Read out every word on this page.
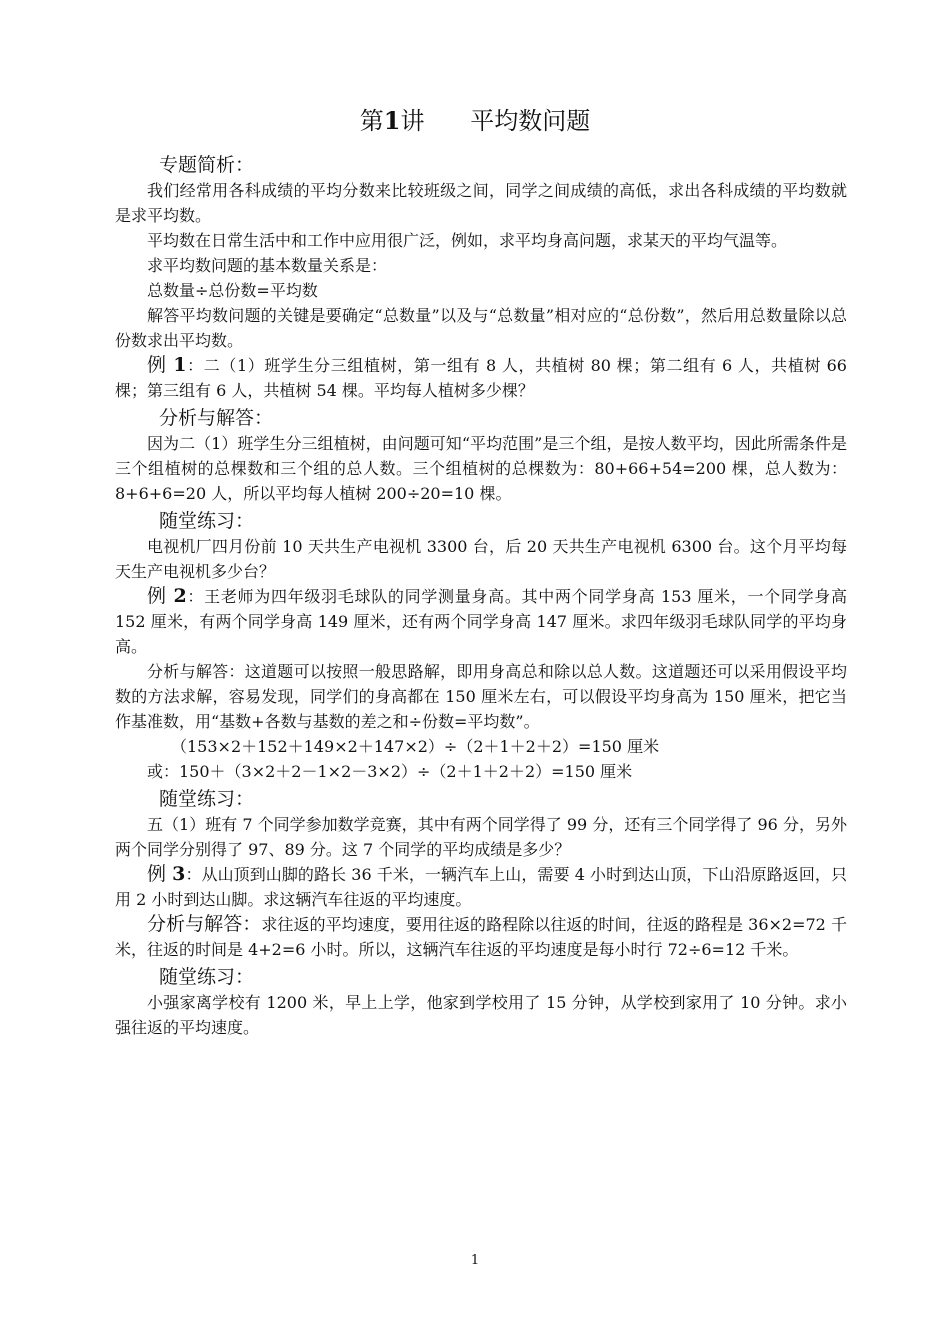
第1讲 平均数问题
专题简析：

我们经常用各科成绩的平均分数来比较班级之间，同学之间成绩的高低，求出各科成绩的平均数就是求平均数。

平均数在日常生活中和工作中应用很广泛，例如，求平均身高问题，求某天的平均气温等。

求平均数问题的基本数量关系是：

总数量÷总份数=平均数

解答平均数问题的关键是要确定“总数量”以及与“总数量”相对应的“总份数”，然后用总数量除以总份数求出平均数。

例 1：二（1）班学生分三组植树，第一组有 8 人，共植树 80 棵；第二组有 6 人，共植树 66 棵；第三组有 6 人，共植树 54 棵。平均每人植树多少棵？

分析与解答：

因为二（1）班学生分三组植树，由问题可知“平均范围”是三个组，是按人数平均，因此所需条件是三个组植树的总棵数和三个组的总人数。三个组植树的总棵数为：80+66+54=200 棵，总人数为：8+6+6=20 人，所以平均每人植树 200÷20=10 棵。

随堂练习：

电视机厂四月份前 10 天共生产电视机 3300 台，后 20 天共生产电视机 6300 台。这个月平均每天生产电视机多少台？

例 2：王老师为四年级羽毛球队的同学测量身高。其中两个同学身高 153 厘米，一个同学身高 152 厘米，有两个同学身高 149 厘米，还有两个同学身高 147 厘米。求四年级羽毛球队同学的平均身高。

分析与解答：这道题可以按照一般思路解，即用身高总和除以总人数。这道题还可以采用假设平均数的方法求解，容易发现，同学们的身高都在 150 厘米左右，可以假设平均身高为 150 厘米，把它当作基准数，用“基数+各数与基数的差之和÷份数=平均数”。

（153×2＋152＋149×2＋147×2）÷（2＋1＋2＋2）=150 厘米

或：150＋（3×2＋2－1×2－3×2）÷（2＋1＋2＋2）=150 厘米

随堂练习：

五（1）班有 7 个同学参加数学竞赛，其中有两个同学得了 99 分，还有三个同学得了 96 分，另外两个同学分别得了 97、89 分。这 7 个同学的平均成绩是多少？

例 3：从山顶到山脚的路长 36 千米，一辆汽车上山，需要 4 小时到达山顶，下山沿原路返回，只用 2 小时到达山脚。求这辆汽车往返的平均速度。

分析与解答：求往返的平均速度，要用往返的路程除以往返的时间，往返的路程是 36×2=72 千米，往返的时间是 4+2=6 小时。所以，这辆汽车往返的平均速度是每小时行 72÷6=12 千米。

随堂练习：

小强家离学校有 1200 米，早上上学，他家到学校用了 15 分钟，从学校到家用了 10 分钟。求小强往返的平均速度。

1
